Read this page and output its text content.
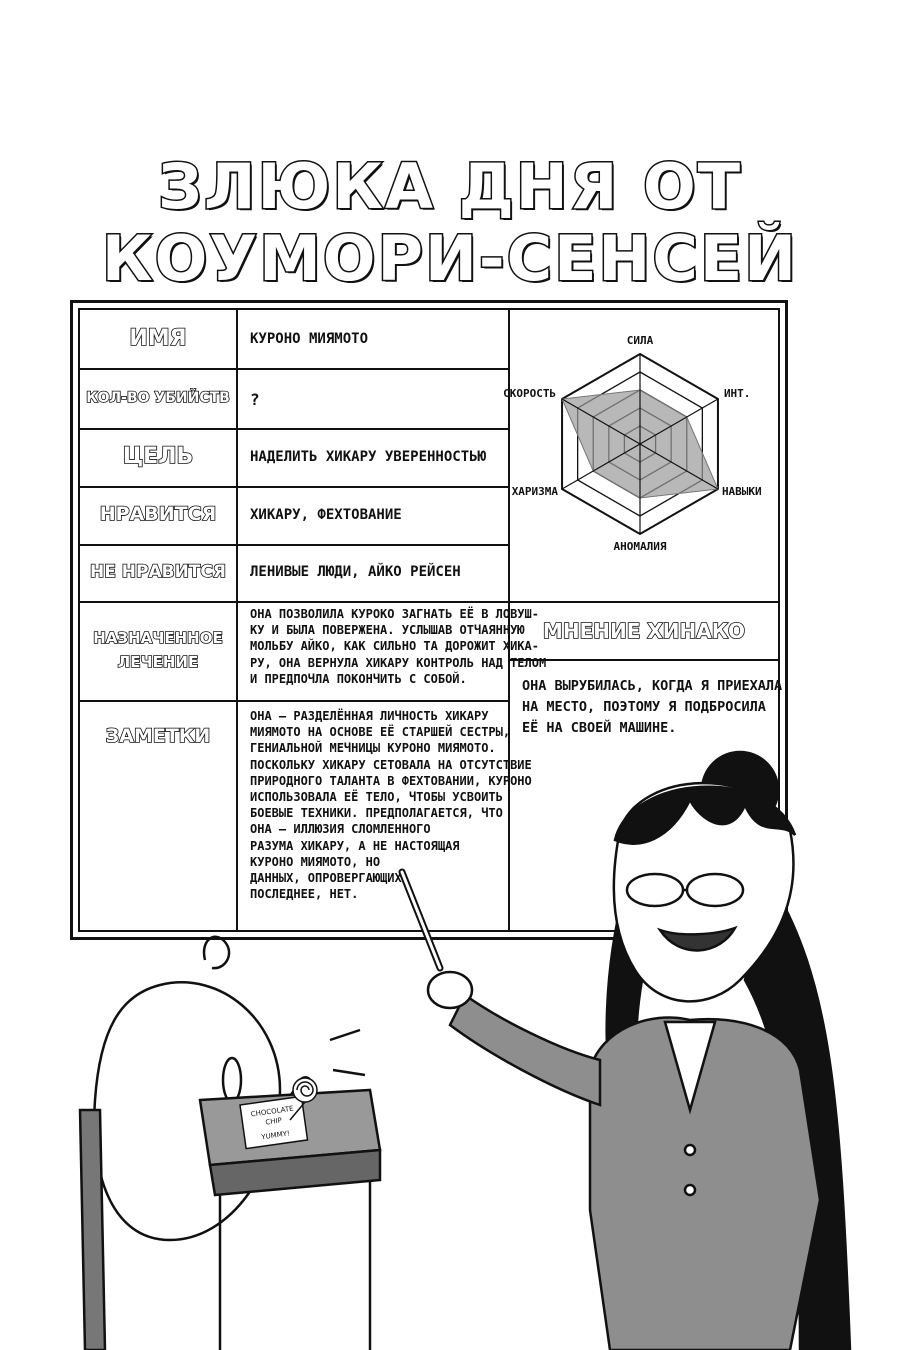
ЗЛЮКА ДНЯ ОТ
КОУМОРИ-СЕНСЕЙ
ИМЯ
КОЛ-ВО УБИЙСТВ
ЦЕЛЬ
НРАВИТСЯ
НЕ НРАВИТСЯ
НАЗНАЧЕННОЕ
ЛЕЧЕНИЕ
ЗАМЕТКИ
КУРОНО МИЯМОТО
?
НАДЕЛИТЬ ХИКАРУ УВЕРЕННОСТЬЮ
ХИКАРУ, ФЕХТОВАНИЕ
ЛЕНИВЫЕ ЛЮДИ, АЙКО РЕЙСЕН
ОНА ПОЗВОЛИЛА КУРОКО ЗАГНАТЬ ЕЁ В ЛОВУШ-
КУ И БЫЛА ПОВЕРЖЕНА. УСЛЫШАВ ОТЧАЯННУЮ
МОЛЬБУ АЙКО, КАК СИЛЬНО ТА ДОРОЖИТ ХИКА-
РУ, ОНА ВЕРНУЛА ХИКАРУ КОНТРОЛЬ НАД ТЕЛОМ
И ПРЕДПОЧЛА ПОКОНЧИТЬ С СОБОЙ.
ОНА – РАЗДЕЛЁННАЯ ЛИЧНОСТЬ ХИКАРУ
МИЯМОТО НА ОСНОВЕ ЕЁ СТАРШЕЙ СЕСТРЫ,
ГЕНИАЛЬНОЙ МЕЧНИЦЫ КУРОНО МИЯМОТО.
ПОСКОЛЬКУ ХИКАРУ СЕТОВАЛА НА ОТСУТСТВИЕ
ПРИРОДНОГО ТАЛАНТА В ФЕХТОВАНИИ, КУРОНО
ИСПОЛЬЗОВАЛА ЕЁ ТЕЛО, ЧТОБЫ УСВОИТЬ
БОЕВЫЕ ТЕХНИКИ. ПРЕДПОЛАГАЕТСЯ, ЧТО
ОНА – ИЛЛЮЗИЯ СЛОМЛЕННОГО
РАЗУМА ХИКАРУ, А НЕ НАСТОЯЩАЯ
КУРОНО МИЯМОТО, НО
ДАННЫХ, ОПРОВЕРГАЮЩИХ
ПОСЛЕДНЕЕ, НЕТ.
МНЕНИЕ ХИНАКО
ОНА ВЫРУБИЛАСЬ, КОГДА Я ПРИЕХАЛА
НА МЕСТО, ПОЭТОМУ Я ПОДБРОСИЛА
ЕЁ НА СВОЕЙ МАШИНЕ.
СИЛА
ИНТ.
НАВЫКИ
АНОМАЛИЯ
ХАРИЗМА
СКОРОСТЬ
CHOCOLATE
CHIP
YUMMY!
